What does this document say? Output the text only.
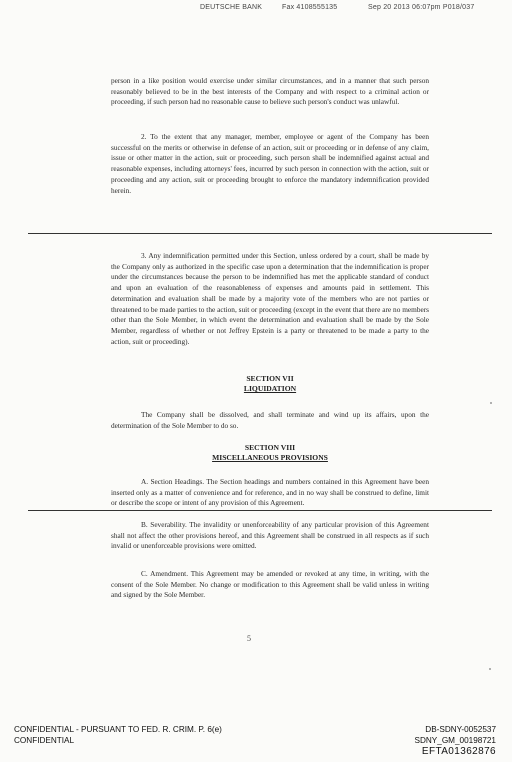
DEUTSCHE BANK	Fax 4108555135	Sep 20 2013 06:07pm P018/037

person in a like position would exercise under similar circumstances, and in a manner that such person reasonably believed to be in the best interests of the Company and with respect to a criminal action or proceeding, if such person had no reasonable cause to believe such person's conduct was unlawful.

2. To the extent that any manager, member, employee or agent of the Company has been successful on the merits or otherwise in defense of an action, suit or proceeding or in defense of any claim, issue or other matter in the action, suit or proceeding, such person shall be indemnified against actual and reasonable expenses, including attorneys' fees, incurred by such person in connection with the action, suit or proceeding and any action, suit or proceeding brought to enforce the mandatory indemnification provided herein.

3. Any indemnification permitted under this Section, unless ordered by a court, shall be made by the Company only as authorized in the specific case upon a determination that the indemnification is proper under the circumstances because the person to be indemnified has met the applicable standard of conduct and upon an evaluation of the reasonableness of expenses and amounts paid in settlement. This determination and evaluation shall be made by a majority vote of the members who are not parties or threatened to be made parties to the action, suit or proceeding (except in the event that there are no members other than the Sole Member, in which event the determination and evaluation shall be made by the Sole Member, regardless of whether or not Jeffrey Epstein is a party or threatened to be made a party to the action, suit or proceeding).

SECTION VII
LIQUIDATION

The Company shall be dissolved, and shall terminate and wind up its affairs, upon the determination of the Sole Member to do so.

SECTION VIII
MISCELLANEOUS PROVISIONS

A. Section Headings. The Section headings and numbers contained in this Agreement have been inserted only as a matter of convenience and for reference, and in no way shall be construed to define, limit or describe the scope or intent of any provision of this Agreement.

B. Severability. The invalidity or unenforceability of any particular provision of this Agreement shall not affect the other provisions hereof, and this Agreement shall be construed in all respects as if such invalid or unenforceable provisions were omitted.

C. Amendment. This Agreement may be amended or revoked at any time, in writing, with the consent of the Sole Member. No change or modification to this Agreement shall be valid unless in writing and signed by the Sole Member.

5
CONFIDENTIAL - PURSUANT TO FED. R. CRIM. P. 6(e)
CONFIDENTIAL
DB-SDNY-0052537
SDNY_GM_00198721
EFTA01362876
